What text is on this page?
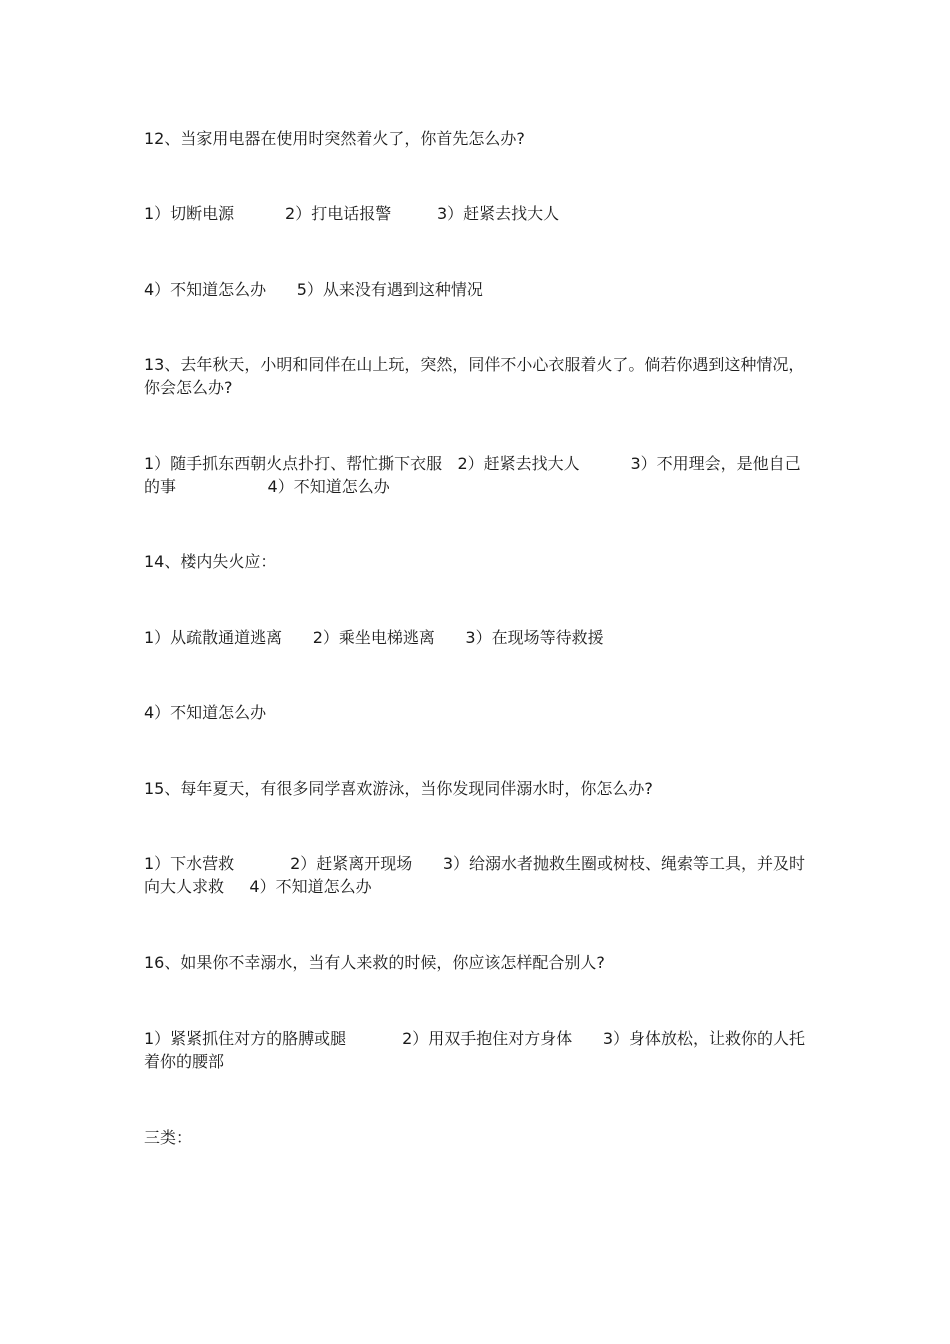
12、当家用电器在使用时突然着火了，你首先怎么办?

1）切断电源          2）打电话报警         3）赶紧去找大人

4）不知道怎么办      5）从来没有遇到这种情况

13、去年秋天，小明和同伴在山上玩，突然，同伴不小心衣服着火了。倘若你遇到这种情况，你会怎么办?

1）随手抓东西朝火点扑打、帮忙撕下衣服   2）赶紧去找大人          3）不用理会，是他自己的事                  4）不知道怎么办

14、楼内失火应：

1）从疏散通道逃离      2）乘坐电梯逃离      3）在现场等待救援

4）不知道怎么办

15、每年夏天，有很多同学喜欢游泳，当你发现同伴溺水时，你怎么办?

1）下水营救           2）赶紧离开现场      3）给溺水者抛救生圈或树枝、绳索等工具，并及时向大人求救     4）不知道怎么办

16、如果你不幸溺水，当有人来救的时候，你应该怎样配合别人?

1）紧紧抓住对方的胳膊或腿           2）用双手抱住对方身体      3）身体放松，让救你的人托着你的腰部

三类：
